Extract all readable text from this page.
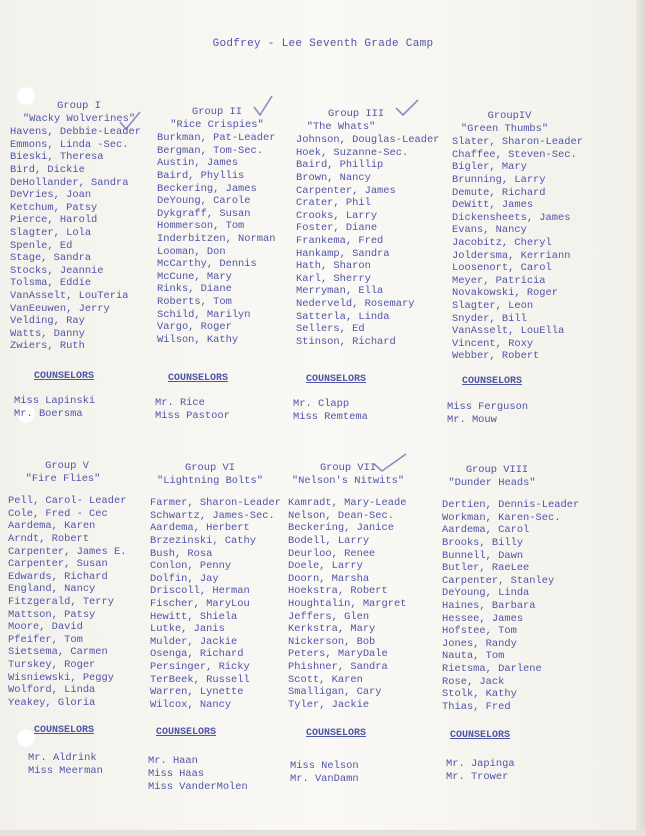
Godfrey - Lee Seventh Grade Camp
Group I
"Wacky Wolverines"
Havens, Debbie-Leader
Emmons, Linda -Sec.
Bieski, Theresa
Bird, Dickie
DeHollander, Sandra
DeVries, Joan
Ketchum, Patsy
Pierce, Harold
Slagter, Lola
Spenle, Ed
Stage, Sandra
Stocks, Jeannie
Tolsma, Eddie
VanAsselt, LouTeria
VanEeuwen, Jerry
Velding, Ray
Watts, Danny
Zwiers, Ruth
Group II
"Rice Crispies"
Burkman, Pat-Leader
Bergman, Tom-Sec.
Austin, James
Baird, Phyllis
Beckering, James
DeYoung, Carole
Dykgraff, Susan
Hommerson, Tom
Inderbitzen, Norman
Looman, Don
McCarthy, Dennis
McCune, Mary
Rinks, Diane
Roberts, Tom
Schild, Marilyn
Vargo, Roger
Wilson, Kathy
Group III
"The Whats"
Johnson, Douglas-Leader
Hoek, Suzanne-Sec.
Baird, Phillip
Brown, Nancy
Carpenter, James
Crater, Phil
Crooks, Larry
Foster, Diane
Frankema, Fred
Hankamp, Sandra
Hath, Sharon
Karl, Sherry
Merryman, Ella
Nederveld, Rosemary
Satterla, Linda
Sellers, Ed
Stinson, Richard
GroupIV
"Green Thumbs"
Slater, Sharon-Leader
Chaffee, Steven-Sec.
Bigler, Mary
Brunning, Larry
Demute, Richard
DeWitt, James
Dickensheets, James
Evans, Nancy
Jacobitz, Cheryl
Joldersma, Kerriann
Loosenort, Carol
Meyer, Patricia
Novakowski, Roger
Slagter, Leon
Snyder, Bill
VanAsselt, LouElla
Vincent, Roxy
Webber, Robert
COUNSELORS
Miss Lapinski
Mr. Boersma
COUNSELORS
Mr. Rice
Miss Pastoor
COUNSELORS
Mr. Clapp
Miss Remtema
COUNSELORS
Miss Ferguson
Mr. Mouw
Group V
"Fire Flies"
Pell, Carol- Leader
Cole, Fred - Cec
Aardema, Karen
Arndt, Robert
Carpenter, James E.
Carpenter, Susan
Edwards, Richard
England, Nancy
Fitzgerald, Terry
Mattson, Patsy
Moore, David
Pfeifer, Tom
Sietsema, Carmen
Turskey, Roger
Wisniewski, Peggy
Wolford, Linda
Yeakey, Gloria
Group VI
"Lightning Bolts"
Farmer, Sharon-Leader
Schwartz, James-Sec.
Aardema, Herbert
Brzezinski, Cathy
Bush, Rosa
Conlon, Penny
Dolfin, Jay
Driscoll, Herman
Fischer, MaryLou
Hewitt, Shiela
Lutke, Janis
Mulder, Jackie
Osenga, Richard
Persinger, Ricky
TerBeek, Russell
Warren, Lynette
Wilcox, Nancy
Group VII
"Nelson's Nitwits"
Kamradt, Mary-Leade
Nelson, Dean-Sec.
Beckering, Janice
Bodell, Larry
Deurloo, Renee
Doele, Larry
Doorn, Marsha
Hoekstra, Robert
Houghtalin, Margret
Jeffers, Glen
Kerkstra, Mary
Nickerson, Bob
Peters, MaryDale
Phishner, Sandra
Scott, Karen
Smalligan, Cary
Tyler, Jackie
Group VIII
"Dunder Heads"
Dertien, Dennis-Leader
Workman, Karen-Sec.
Aardema, Carol
Brooks, Billy
Bunnell, Dawn
Butler, RaeLee
Carpenter, Stanley
DeYoung, Linda
Haines, Barbara
Hessee, James
Hofstee, Tom
Jones, Randy
Nauta, Tom
Rietsma, Darlene
Rose, Jack
Stolk, Kathy
Thias, Fred
COUNSELORS
Mr. Aldrink
Miss Meerman
COUNSELORS
Mr. Haan
Miss Haas
Miss VanderMolen
COUNSELORS
Miss Nelson
Mr. VanDamn
COUNSELORS
Mr. Japinga
Mr. Trower
